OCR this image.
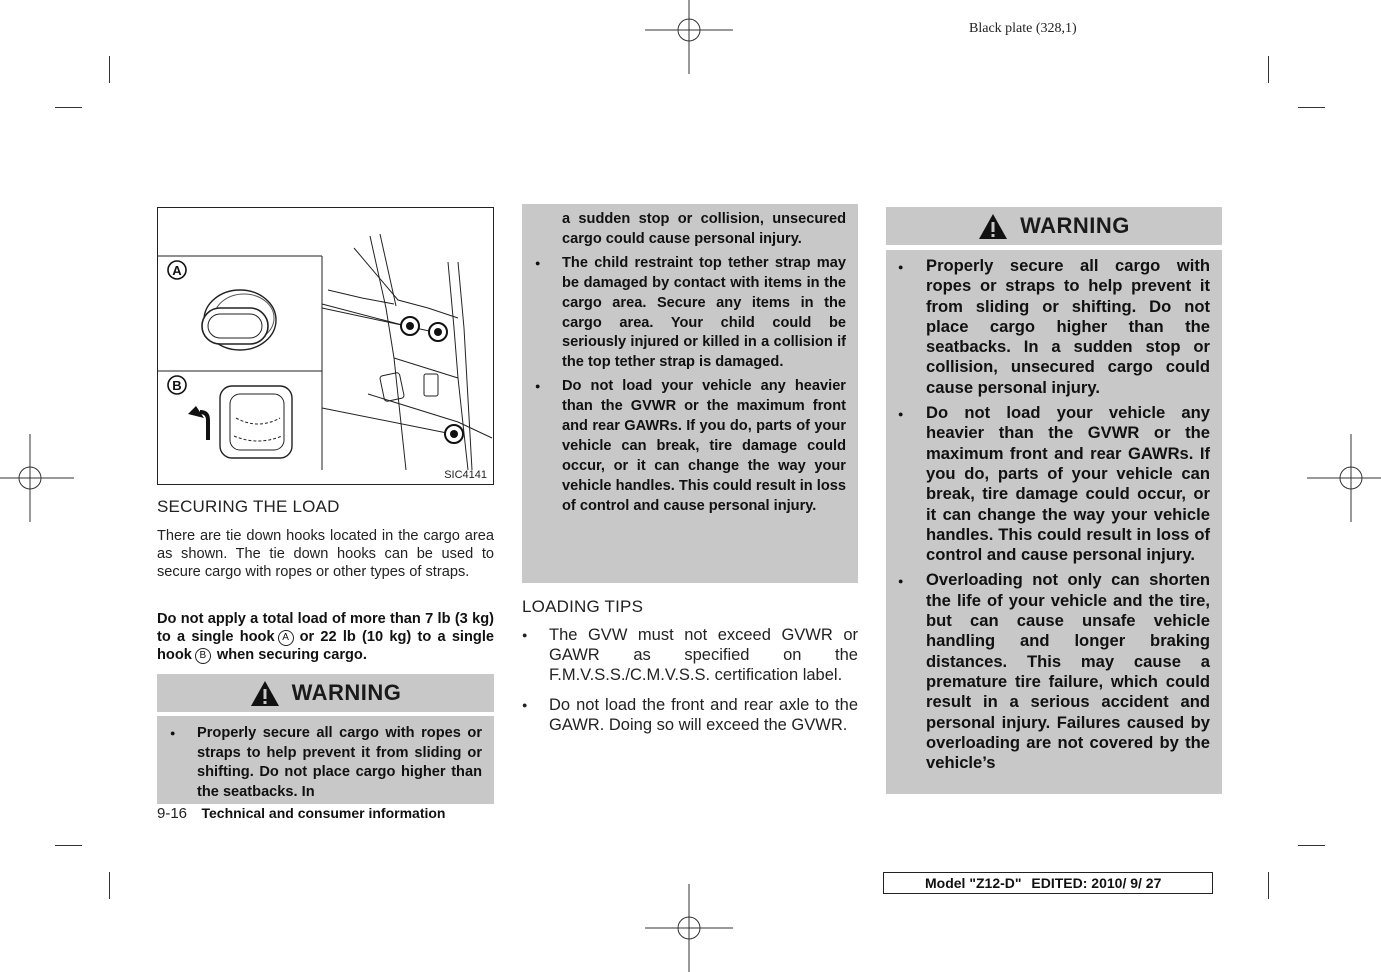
Black plate (328,1)
A
B
SIC4141
SECURING THE LOAD
There are tie down hooks located in the cargo area as shown. The tie down hooks can be used to secure cargo with ropes or other types of straps.
Do not apply a total load of more than 7 lb (3 kg) to a single hook A or 22 lb (10 kg) to a single hook B when securing cargo.
WARNING
● Properly secure all cargo with ropes or straps to help prevent it from sliding or shifting. Do not place cargo higher than the seatbacks. In
9-16 Technical and consumer information
a sudden stop or collision, unsecured cargo could cause personal injury.
● The child restraint top tether strap may be damaged by contact with items in the cargo area. Secure any items in the cargo area. Your child could be seriously injured or killed in a collision if the top tether strap is damaged.
● Do not load your vehicle any heavier than the GVWR or the maximum front and rear GAWRs. If you do, parts of your vehicle can break, tire damage could occur, or it can change the way your vehicle handles. This could result in loss of control and cause personal injury.
LOADING TIPS
● The GVW must not exceed GVWR or GAWR as specified on the F.M.V.S.S./C.M.V.S.S. certification label.
● Do not load the front and rear axle to the GAWR. Doing so will exceed the GVWR.
WARNING
● Properly secure all cargo with ropes or straps to help prevent it from sliding or shifting. Do not place cargo higher than the seatbacks. In a sudden stop or collision, unsecured cargo could cause personal injury.
● Do not load your vehicle any heavier than the GVWR or the maximum front and rear GAWRs. If you do, parts of your vehicle can break, tire damage could occur, or it can change the way your vehicle handles. This could result in loss of control and cause personal injury.
● Overloading not only can shorten the life of your vehicle and the tire, but can cause unsafe vehicle handling and longer braking distances. This may cause a premature tire failure, which could result in a serious accident and personal injury. Failures caused by overloading are not covered by the vehicle’s
Model "Z12-D" EDITED: 2010/ 9/ 27
